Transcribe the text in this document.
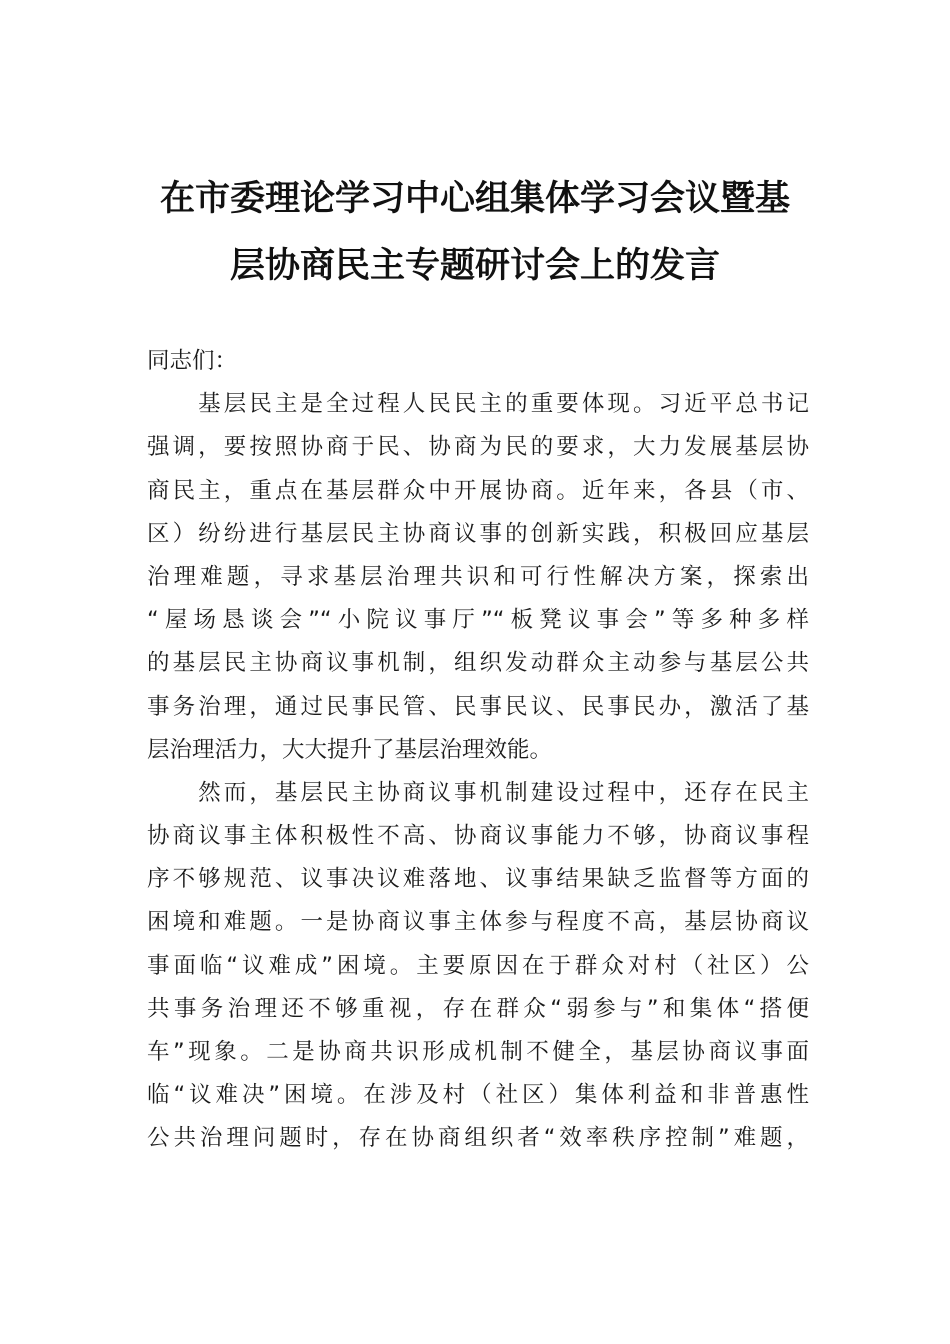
在市委理论学习中心组集体学习会议暨基
层协商民主专题研讨会上的发言
同志们：
　　基层民主是全过程人民民主的重要体现。习近平总书记
强调，要按照协商于民、协商为民的要求，大力发展基层协
商民主，重点在基层群众中开展协商。近年来，各县（市、
区）纷纷进行基层民主协商议事的创新实践，积极回应基层
治理难题，寻求基层治理共识和可行性解决方案，探索出
“屋场恳谈会”“小院议事厅”“板凳议事会”等多种多样
的基层民主协商议事机制，组织发动群众主动参与基层公共
事务治理，通过民事民管、民事民议、民事民办，激活了基
层治理活力，大大提升了基层治理效能。
　　然而，基层民主协商议事机制建设过程中，还存在民主
协商议事主体积极性不高、协商议事能力不够，协商议事程
序不够规范、议事决议难落地、议事结果缺乏监督等方面的
困境和难题。一是协商议事主体参与程度不高，基层协商议
事面临“议难成”困境。主要原因在于群众对村（社区）公
共事务治理还不够重视，存在群众“弱参与”和集体“搭便
车”现象。二是协商共识形成机制不健全，基层协商议事面
临“议难决”困境。在涉及村（社区）集体利益和非普惠性
公共治理问题时，存在协商组织者“效率秩序控制”难题，
